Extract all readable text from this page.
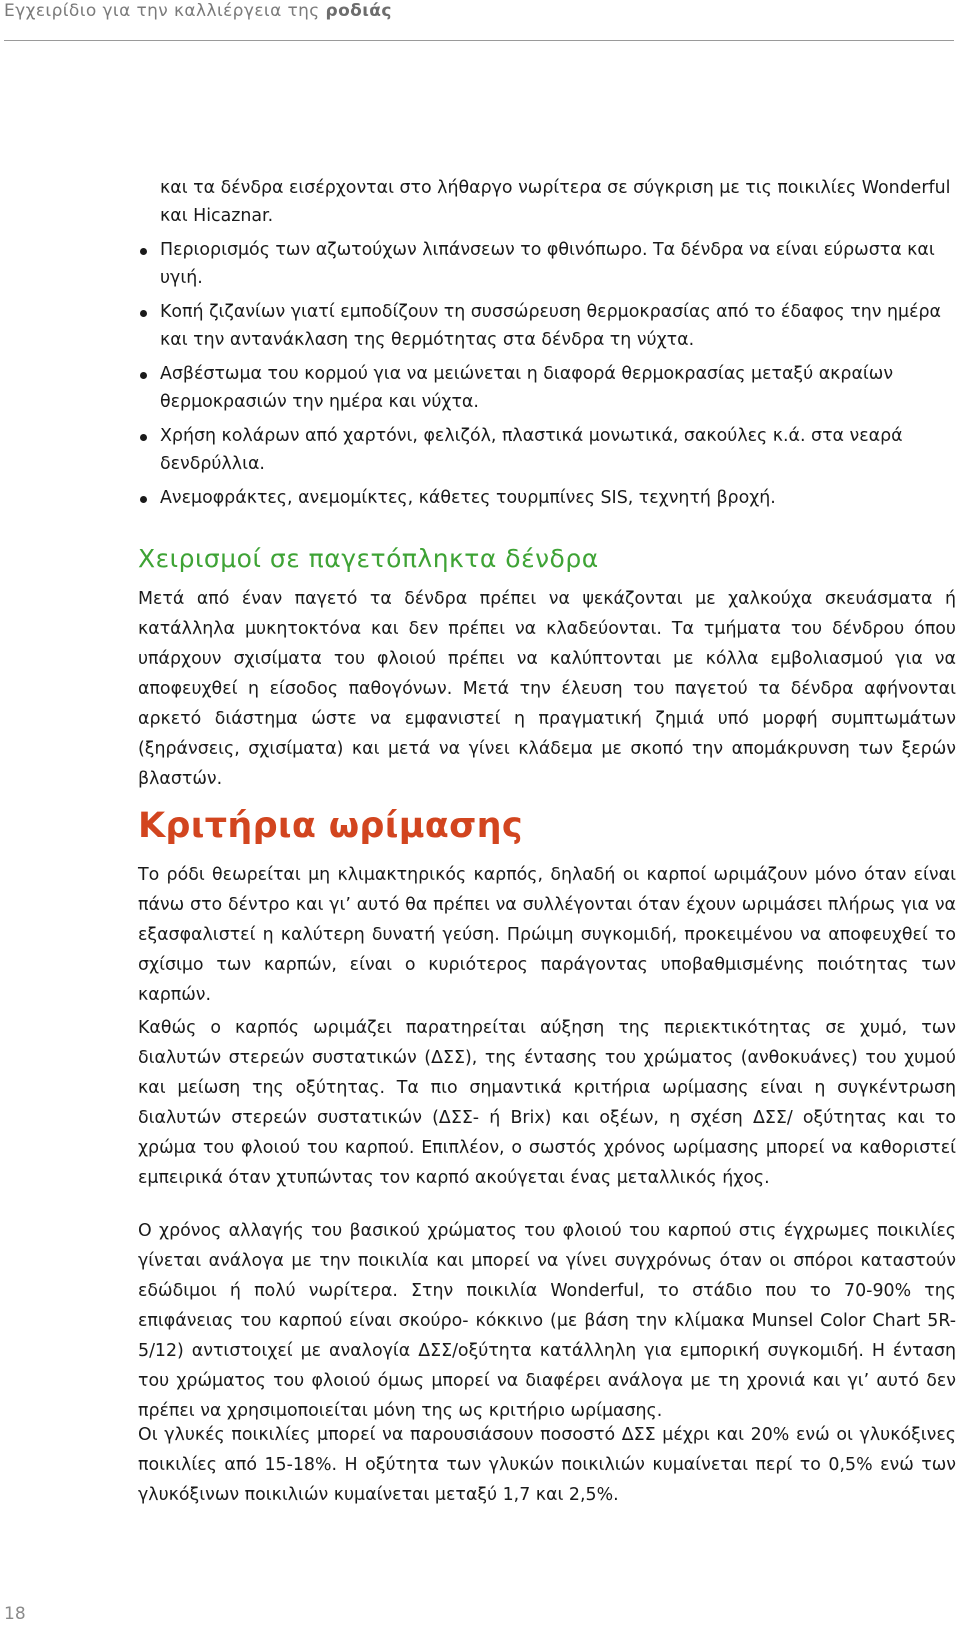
Εγχειρίδιο για την καλλιέργεια της ροδιάς
και τα δένδρα εισέρχονται στο λήθαργο νωρίτερα σε σύγκριση με τις ποικιλίες Wonderful και Hicaznar.
Περιορισμός των αζωτούχων λιπάνσεων το φθινόπωρο. Τα δένδρα να είναι εύρωστα και υγιή.
Κοπή ζιζανίων γιατί εμποδίζουν τη συσσώρευση θερμοκρασίας από το έδαφος την ημέρα και την αντανάκλαση της θερμότητας στα δένδρα τη νύχτα.
Ασβέστωμα του κορμού για να μειώνεται η διαφορά θερμοκρασίας μεταξύ ακραίων θερμοκρασιών την ημέρα και νύχτα.
Χρήση κολάρων από χαρτόνι, φελιζόλ, πλαστικά μονωτικά, σακούλες κ.ά. στα νεαρά δενδρύλλια.
Ανεμοφράκτες, ανεμομίκτες, κάθετες τουρμπίνες SIS, τεχνητή βροχή.
Χειρισμοί σε παγετόπληκτα δένδρα

Μετά από έναν παγετό τα δένδρα πρέπει να ψεκάζονται με χαλκούχα σκευάσματα ή κατάλληλα μυκητοκτόνα και δεν πρέπει να κλαδεύονται. Τα τμήματα του δένδρου όπου υπάρχουν σχισίματα του φλοιού πρέπει να καλύπτονται με κόλλα εμβολιασμού για να αποφευχθεί η είσοδος παθογόνων. Μετά την έλευση του παγετού τα δένδρα αφήνονται αρκετό διάστημα ώστε να εμφανιστεί η πραγματική ζημιά υπό μορφή συμπτωμάτων (ξηράνσεις, σχισίματα) και μετά να γίνει κλάδεμα με σκοπό την απομάκρυνση των ξερών βλαστών.

Κριτήρια ωρίμασης

Το ρόδι θεωρείται μη κλιμακτηρικός καρπός, δηλαδή οι καρποί ωριμάζουν μόνο όταν είναι πάνω στο δέντρο και γι’ αυτό θα πρέπει να συλλέγονται όταν έχουν ωριμάσει πλήρως για να εξασφαλιστεί η καλύτερη δυνατή γεύση. Πρώιμη συγκομιδή, προκειμένου να αποφευχθεί το σχίσιμο των καρπών, είναι ο κυριότερος παράγοντας υποβαθμισμένης ποιότητας των καρπών.

Καθώς ο καρπός ωριμάζει παρατηρείται αύξηση της περιεκτικότητας σε χυμό, των διαλυτών στερεών συστατικών (ΔΣΣ), της έντασης του χρώματος (ανθοκυάνες) του χυμού και μείωση της οξύτητας. Τα πιο σημαντικά κριτήρια ωρίμασης είναι η συγκέντρωση διαλυτών στερεών συστατικών (ΔΣΣ- ή Brix) και οξέων, η σχέση ΔΣΣ/ οξύτητας και το χρώμα του φλοιού του καρπού. Επιπλέον, ο σωστός χρόνος ωρίμασης μπορεί να καθοριστεί εμπειρικά όταν χτυπώντας τον καρπό ακούγεται ένας μεταλλικός ήχος.

Ο χρόνος αλλαγής του βασικού χρώματος του φλοιού του καρπού στις έγχρωμες ποικιλίες γίνεται ανάλογα με την ποικιλία και μπορεί να γίνει συγχρόνως όταν οι σπόροι καταστούν εδώδιμοι ή πολύ νωρίτερα. Στην ποικιλία Wonderful, το στάδιο που το 70-90% της επιφάνειας του καρπού είναι σκούρο- κόκκινο (με βάση την κλίμακα Munsel Color Chart 5R-5/12) αντιστοιχεί με αναλογία ΔΣΣ/οξύτητα κατάλληλη για εμπορική συγκομιδή. Η ένταση του χρώματος του φλοιού όμως μπορεί να διαφέρει ανάλογα με τη χρονιά και γι’ αυτό δεν πρέπει να χρησιμοποιείται μόνη της ως κριτήριο ωρίμασης.

Οι γλυκές ποικιλίες μπορεί να παρουσιάσουν ποσοστό ΔΣΣ μέχρι και 20% ενώ οι γλυκόξινες ποικιλίες από 15-18%. Η οξύτητα των γλυκών ποικιλιών κυμαίνεται περί το 0,5% ενώ των γλυκόξινων ποικιλιών κυμαίνεται μεταξύ 1,7 και 2,5%.

18
